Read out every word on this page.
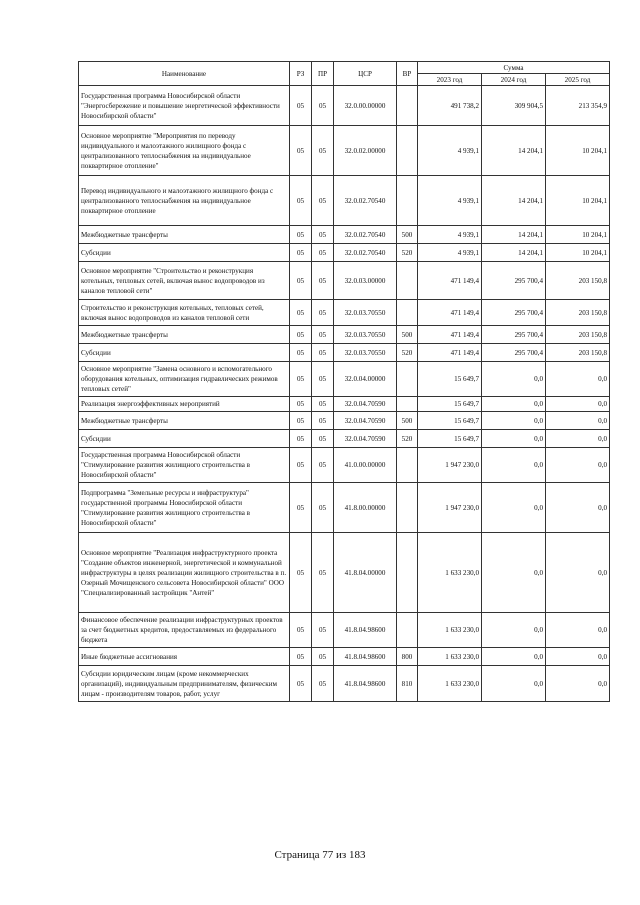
Наименование	РЗ	ПР	ЦСР	ВР	Сумма		
					2023 год	2024 год	2025 год
Государственная программа Новосибирской области "Энергосбережение и повышение энергетической эффективности Новосибирской области"	05	05	32.0.00.00000		491 738,2	309 904,5	213 354,9
Основное мероприятие "Мероприятия по переводу индивидуального и малоэтажного жилищного фонда с централизованного теплоснабжения на индивидуальное поквартирное отопление"	05	05	32.0.02.00000		4 939,1	14 204,1	10 204,1
Перевод индивидуального и малоэтажного жилищного фонда с централизованного теплоснабжения на индивидуальное поквартирное отопление	05	05	32.0.02.70540		4 939,1	14 204,1	10 204,1
Межбюджетные трансферты	05	05	32.0.02.70540	500	4 939,1	14 204,1	10 204,1
Субсидии	05	05	32.0.02.70540	520	4 939,1	14 204,1	10 204,1
Основное мероприятие "Строительство и реконструкция котельных, тепловых сетей, включая вынос водопроводов из каналов тепловой сети"	05	05	32.0.03.00000		471 149,4	295 700,4	203 150,8
Строительство и реконструкция котельных, тепловых сетей, включая вынос водопроводов из каналов тепловой сети	05	05	32.0.03.70550		471 149,4	295 700,4	203 150,8
Межбюджетные трансферты	05	05	32.0.03.70550	500	471 149,4	295 700,4	203 150,8
Субсидии	05	05	32.0.03.70550	520	471 149,4	295 700,4	203 150,8
Основное мероприятие "Замена основного и вспомогательного оборудования котельных, оптимизация гидравлических режимов тепловых сетей"	05	05	32.0.04.00000		15 649,7	0,0	0,0
Реализация энергоэффективных мероприятий	05	05	32.0.04.70590		15 649,7	0,0	0,0
Межбюджетные трансферты	05	05	32.0.04.70590	500	15 649,7	0,0	0,0
Субсидии	05	05	32.0.04.70590	520	15 649,7	0,0	0,0
Государственная программа Новосибирской области "Стимулирование развития жилищного строительства в Новосибирской области"	05	05	41.0.00.00000		1 947 230,0	0,0	0,0
Подпрограмма "Земельные ресурсы и инфраструктура" государственной программы Новосибирской области "Стимулирование развития жилищного строительства в Новосибирской области"	05	05	41.8.00.00000		1 947 230,0	0,0	0,0
Основное мероприятие "Реализация инфраструктурного проекта "Создание объектов инженерной, энергетической и коммунальной инфраструктуры в целях реализации жилищного строительства в п. Озерный Мочищенского сельсовета Новосибирской области" ООО "Специализированный застройщик "Антей"	05	05	41.8.04.00000		1 633 230,0	0,0	0,0
Финансовое обеспечение реализации инфраструктурных проектов за счет бюджетных кредитов, предоставляемых из федерального бюджета	05	05	41.8.04.98600		1 633 230,0	0,0	0,0
Иные бюджетные ассигнования	05	05	41.8.04.98600	800	1 633 230,0	0,0	0,0
Субсидии юридическим лицам (кроме некоммерческих организаций), индивидуальным предпринимателям, физическим лицам - производителям товаров, работ, услуг	05	05	41.8.04.98600	810	1 633 230,0	0,0	0,0
Страница 77 из 183
